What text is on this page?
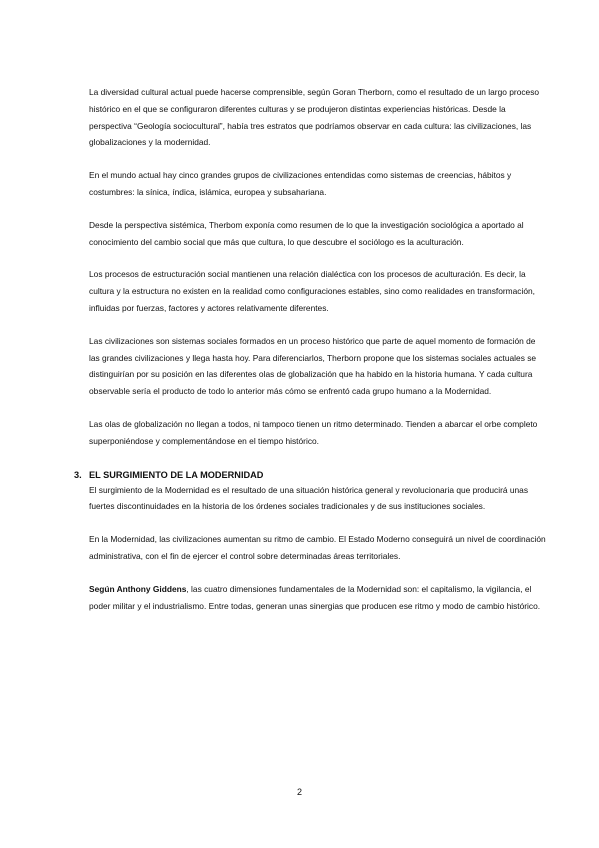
La diversidad cultural actual puede hacerse comprensible, según Goran Therborn, como el resultado de un largo proceso histórico en el que se configuraron diferentes culturas y se produjeron distintas experiencias históricas. Desde la perspectiva “Geología sociocultural”, había tres estratos que podríamos observar en cada cultura: las civilizaciones, las globalizaciones y la modernidad.

En el mundo actual hay cinco grandes grupos de civilizaciones entendidas como sistemas de creencias, hábitos y costumbres: la sínica, índica, islámica, europea y subsahariana.

Desde la perspectiva sistémica, Therbom exponía como resumen de lo que la investigación sociológica a aportado al conocimiento del cambio social que más que cultura, lo que descubre el sociólogo es la aculturación.

Los procesos de estructuración social mantienen una relación dialéctica con los procesos de aculturación. Es decir, la cultura y la estructura no existen en la realidad como configuraciones estables, sino como realidades en transformación, influidas por fuerzas, factores y actores relativamente diferentes.

Las civilizaciones son sistemas sociales formados en un proceso histórico que parte de aquel momento de formación de las grandes civilizaciones y llega hasta hoy. Para diferenciarlos, Therborn propone que los sistemas sociales actuales se distinguirían por su posición en las diferentes olas de globalización que ha habido en la historia humana. Y cada cultura observable sería el producto de todo lo anterior más cómo se enfrentó cada grupo humano a la Modernidad.

Las olas de globalización no llegan a todos, ni tampoco tienen un ritmo determinado. Tienden a abarcar el orbe completo superponiéndose y complementándose en el tiempo histórico.

3. EL SURGIMIENTO DE LA MODERNIDAD

El surgimiento de la Modernidad es el resultado de una situación histórica general y revolucionaria que producirá unas fuertes discontinuidades en la historia de los órdenes sociales tradicionales y de sus instituciones sociales.

En la Modernidad, las civilizaciones aumentan su ritmo de cambio. El Estado Moderno conseguirá un nivel de coordinación administrativa, con el fin de ejercer el control sobre determinadas áreas territoriales.

Según Anthony Giddens, las cuatro dimensiones fundamentales de la Modernidad son: el capitalismo, la vigilancia, el poder militar y el industrialismo. Entre todas, generan unas sinergias que producen ese ritmo y modo de cambio histórico.

2
